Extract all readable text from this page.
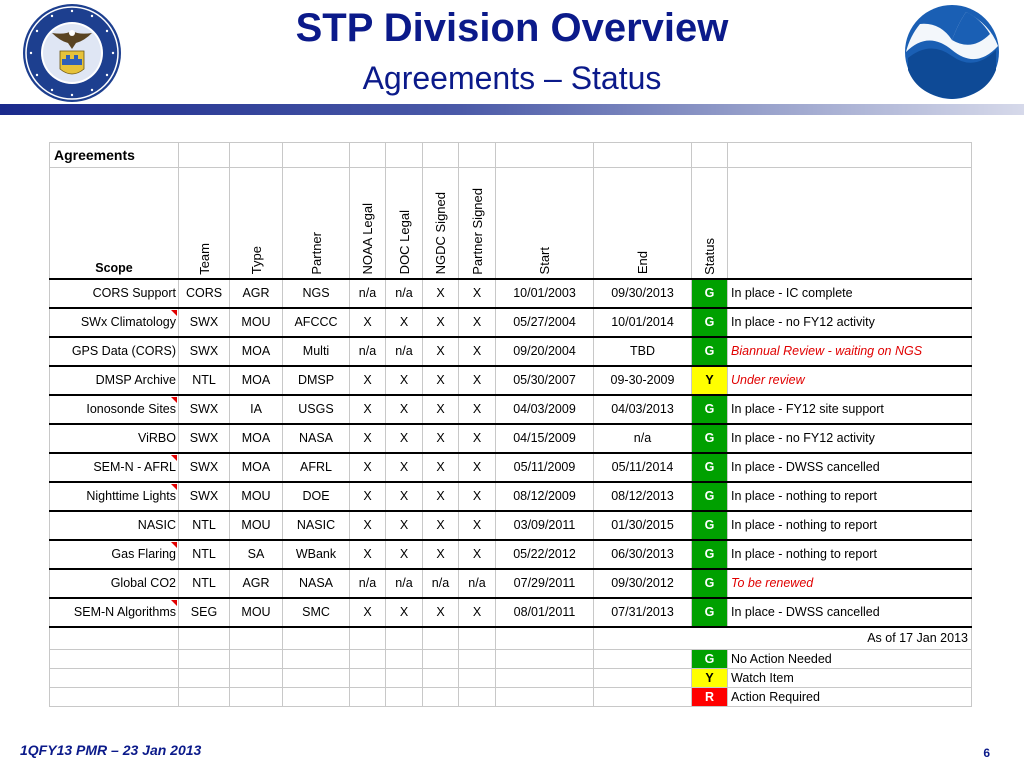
STP Division Overview
Agreements – Status
Agreements											
Scope	Team	Type	Partner	NOAA Legal	DOC Legal	NGDC Signed	Partner Signed	Start	End	Status	
CORS Support	CORS	AGR	NGS	n/a	n/a	X	X	10/01/2003	09/30/2013	G	In place - IC complete

SWx Climatology	SWX	MOU	AFCCC	X	X	X	X	05/27/2004	10/01/2014	G	In place - no FY12 activity
GPS Data (CORS)	SWX	MOA	Multi	n/a	n/a	X	X	09/20/2004	TBD	G	Biannual Review - waiting on NGS
DMSP Archive	NTL	MOA	DMSP	X	X	X	X	05/30/2007	09-30-2009	Y	Under review

Ionosonde Sites	SWX	IA	USGS	X	X	X	X	04/03/2009	04/03/2013	G	In place - FY12 site support
ViRBO	SWX	MOA	NASA	X	X	X	X	04/15/2009	n/a	G	In place - no FY12 activity

SEM-N - AFRL	SWX	MOA	AFRL	X	X	X	X	05/11/2009	05/11/2014	G	In place - DWSS cancelled

Nighttime Lights	SWX	MOU	DOE	X	X	X	X	08/12/2009	08/12/2013	G	In place - nothing to report
NASIC	NTL	MOU	NASIC	X	X	X	X	03/09/2011	01/30/2015	G	In place - nothing to report

Gas Flaring	NTL	SA	WBank	X	X	X	X	05/22/2012	06/30/2013	G	In place - nothing to report
Global CO2	NTL	AGR	NASA	n/a	n/a	n/a	n/a	07/29/2011	09/30/2012	G	To be renewed

SEM-N Algorithms	SEG	MOU	SMC	X	X	X	X	08/01/2011	07/31/2013	G	In place - DWSS cancelled
									As of 17 Jan 2013		
										G	No Action Needed
										Y	Watch Item
										R	Action Required
1QFY13 PMR – 23 Jan 2013	6
